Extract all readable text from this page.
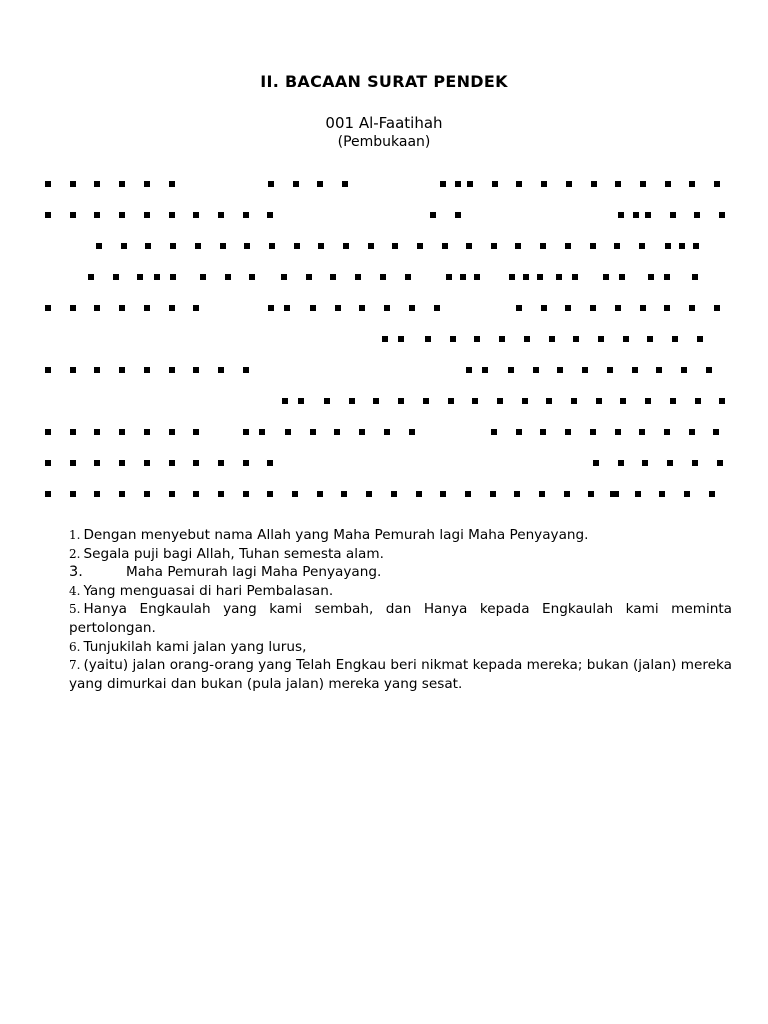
II. BACAAN SURAT PENDEK
001 Al-Faatihah
(Pembukaan)
1. Dengan menyebut nama Allah yang Maha Pemurah lagi Maha Penyayang.
2. Segala puji bagi Allah, Tuhan semesta alam.
3.	Maha Pemurah lagi Maha Penyayang.
4. Yang menguasai di hari Pembalasan.
5. Hanya Engkaulah yang kami sembah, dan Hanya kepada Engkaulah kami meminta pertolongan.
6. Tunjukilah kami jalan yang lurus,
7. (yaitu) jalan orang-orang yang Telah Engkau beri nikmat kepada mereka; bukan (jalan) mereka yang dimurkai dan bukan (pula jalan) mereka yang sesat.
